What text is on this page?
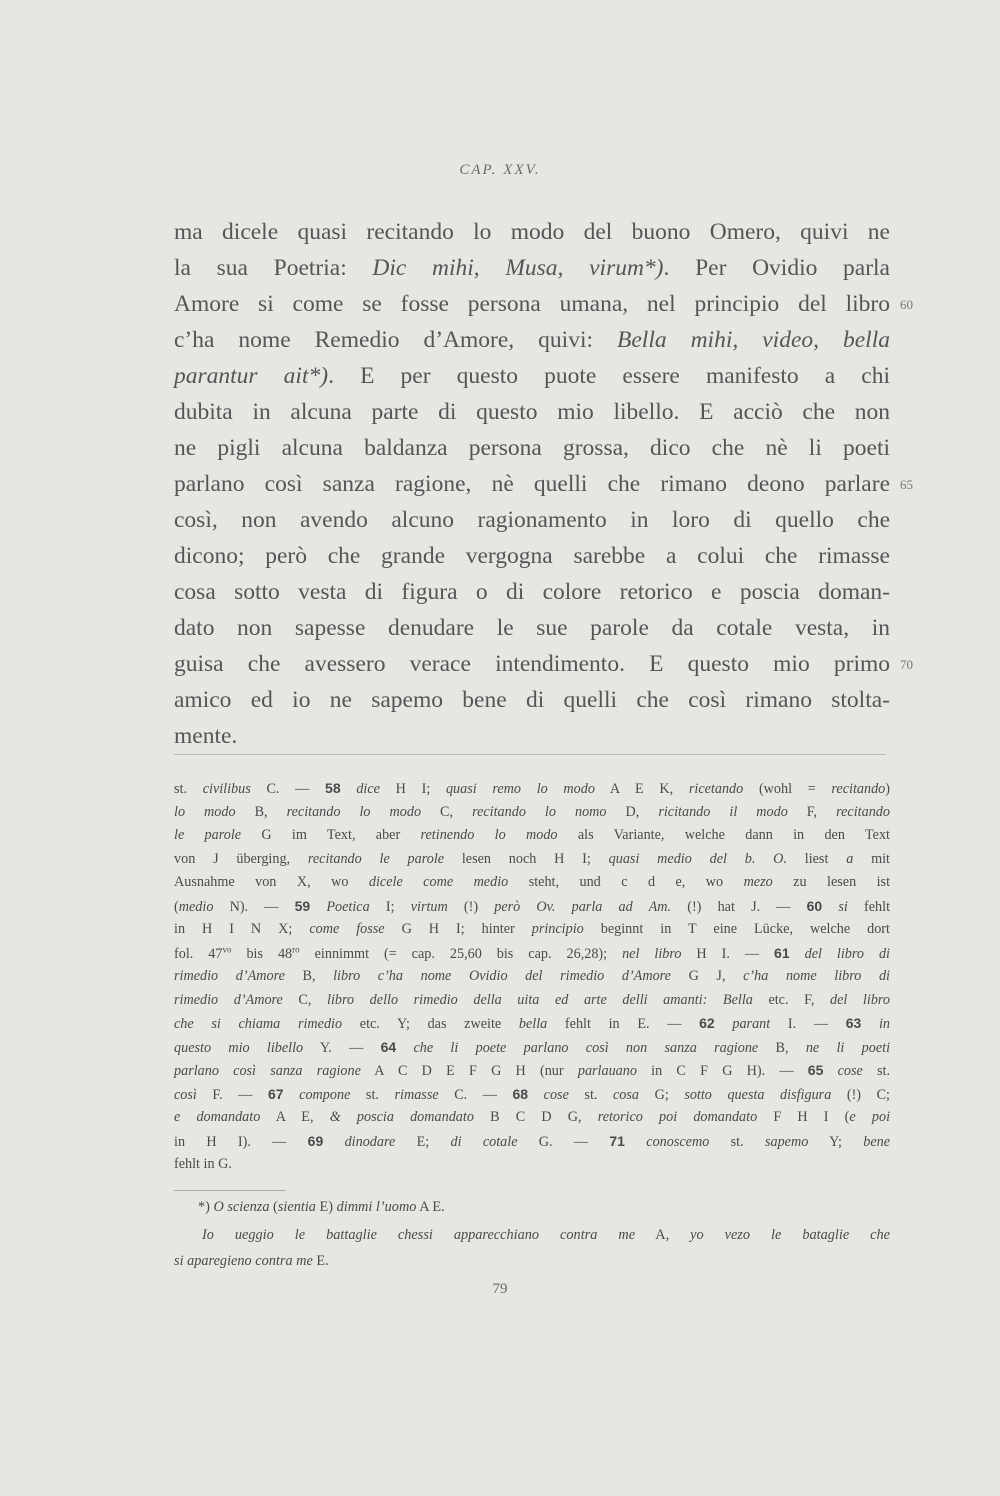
CAP. XXV.
ma dicele quasi recitando lo modo del buono Omero, quivi ne
la sua Poetria: Dic mihi, Musa, virum*). Per Ovidio parla
Amore si come se fosse persona umana, nel principio del libro 60
c’ha nome Remedio d’Amore, quivi: Bella mihi, video, bella
parantur ait*). E per questo puote essere manifesto a chi
dubita in alcuna parte di questo mio libello. E acciò che non
ne pigli alcuna baldanza persona grossa, dico che nè li poeti
parlano così sanza ragione, nè quelli che rimano deono parlare 65
così, non avendo alcuno ragionamento in loro di quello che
dicono; però che grande vergogna sarebbe a colui che rimasse
cosa sotto vesta di figura o di colore retorico e poscia doman-
dato non sapesse denudare le sue parole da cotale vesta, in
guisa che avessero verace intendimento. E questo mio primo 70
amico ed io ne sapemo bene di quelli che così rimano stolta-
mente.
st. civilibus C. — 58 dice H I; quasi remo lo modo A E K, ricetando (wohl = recitando)
lo modo B, recitando lo modo C, recitando lo nomo D, ricitando il modo F, recitando
le parole G im Text, aber retinendo lo modo als Variante, welche dann in den Text
von J überging, recitando le parole lesen noch H I; quasi medio del b. O. liest a mit
Ausnahme von X, wo dicele come medio steht, und c d e, wo mezo zu lesen ist
(medio N). — 59 Poetica I; virtum (!) però Ov. parla ad Am. (!) hat J. — 60 si fehlt
in H I N X; come fosse G H I; hinter principio beginnt in T eine Lücke, welche dort
fol. $47^{vo}$ bis $48^{ro}$ einnimmt (= cap. 25,60 bis cap. 26,28); nel libro H I. — 61 del libro di
rimedio d’Amore B, libro c’ha nome Ovidio del rimedio d’Amore G J, c’ha nome libro di
rimedio d’Amore C, libro dello rimedio della uita ed arte delli amanti: Bella etc. F, del libro
che si chiama rimedio etc. Y; das zweite bella fehlt in E. — 62 parant I. — 63 in
questo mio libello Y. — 64 che li poete parlano così non sanza ragione B, ne li poeti
parlano così sanza ragione A C D E F G H (nur parlauano in C F G H). — 65 cose st.
così F. — 67 compone st. rimasse C. — 68 cose st. cosa G; sotto questa disfigura (!) C;
e domandato A E, & poscia domandato B C D G, retorico poi domandato F H I (e poi
in H I). — 69 dinodare E; di cotale G. — 71 conoscemo st. sapemo Y; bene
fehlt in G.
*) O scienza (sientia E) dimmi l’uomo A E.
Io ueggio le battaglie chessi apparecchiano contra me A, yo vezo le bataglie che
si aparegieno contra me E.
79
